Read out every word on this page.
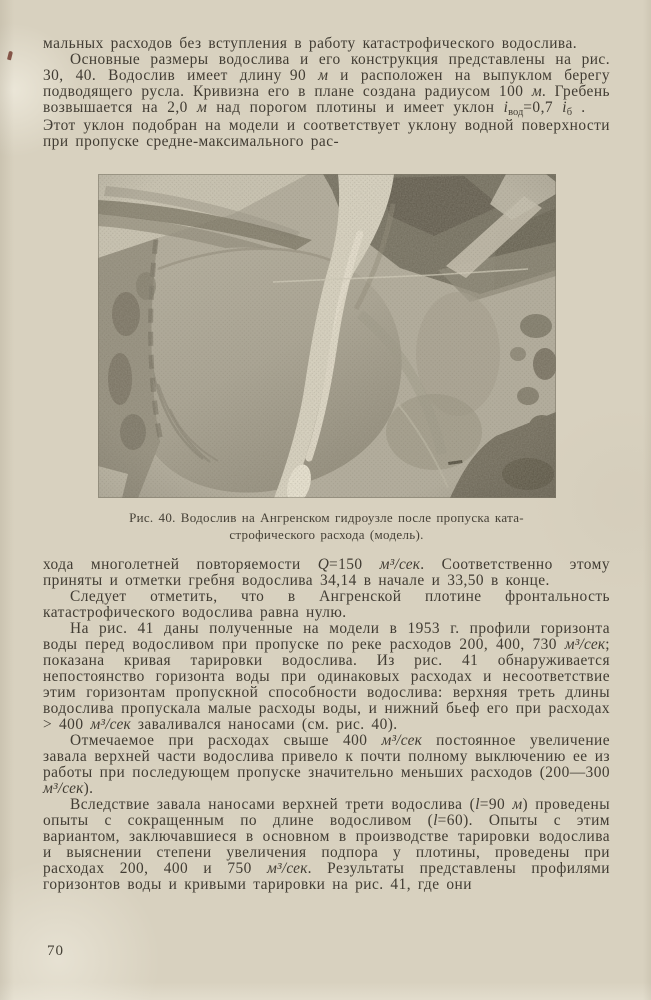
мальных расходов без вступления в работу катастрофического водослива.

Основные размеры водослива и его конструкция представлены на рис. 30, 40. Водослив имеет длину 90 м и расположен на выпуклом берегу подводящего русла. Кривизна его в плане создана радиусом 100 м. Гребень возвышается на 2,0 м над порогом плотины и имеет уклон $i_{вод}=0,7$ $i_б$ .   Этот уклон подобран на модели и соответствует уклону водной поверхности при пропуске средне-максимального рас-

Рис. 40. Водослив на Ангренском гидроузле после пропуска ката-
строфического расхода (модель).

хода многолетней повторяемости Q=150 м³/сек. Соответственно этому приняты и отметки гребня водослива 34,14 в начале и 33,50 в конце.

Следует отметить, что в Ангренской плотине фронтальность катастрофического водослива равна нулю.

На рис. 41 даны полученные на модели в 1953 г. профили горизонта воды перед водосливом при пропуске по реке расходов 200, 400, 730 м³/сек; показана кривая тарировки водослива. Из рис. 41 обнаруживается непостоянство горизонта воды при одинаковых расходах и несоответствие этим горизонтам пропускной способности водослива: верхняя треть длины водослива пропускала малые расходы воды, и нижний бьеф его при расходах > 400 м³/сек заваливался наносами (см. рис. 40).

Отмечаемое при расходах свыше 400 м³/сек постоянное увеличение завала верхней части водослива привело к почти полному выключению ее из работы при последующем пропуске значительно меньших расходов (200—300 м³/сек).

Вследствие завала наносами верхней трети водослива (l=90 м) проведены опыты с сокращенным по длине водосливом (l=60). Опыты с этим вариантом, заключавшиеся в основном в производстве тарировки водослива и выяснении степени увеличения подпора у плотины, проведены при расходах 200, 400 и 750 м³/сек. Результаты представлены профилями горизонтов воды и кривыми тарировки на рис. 41, где они

70
